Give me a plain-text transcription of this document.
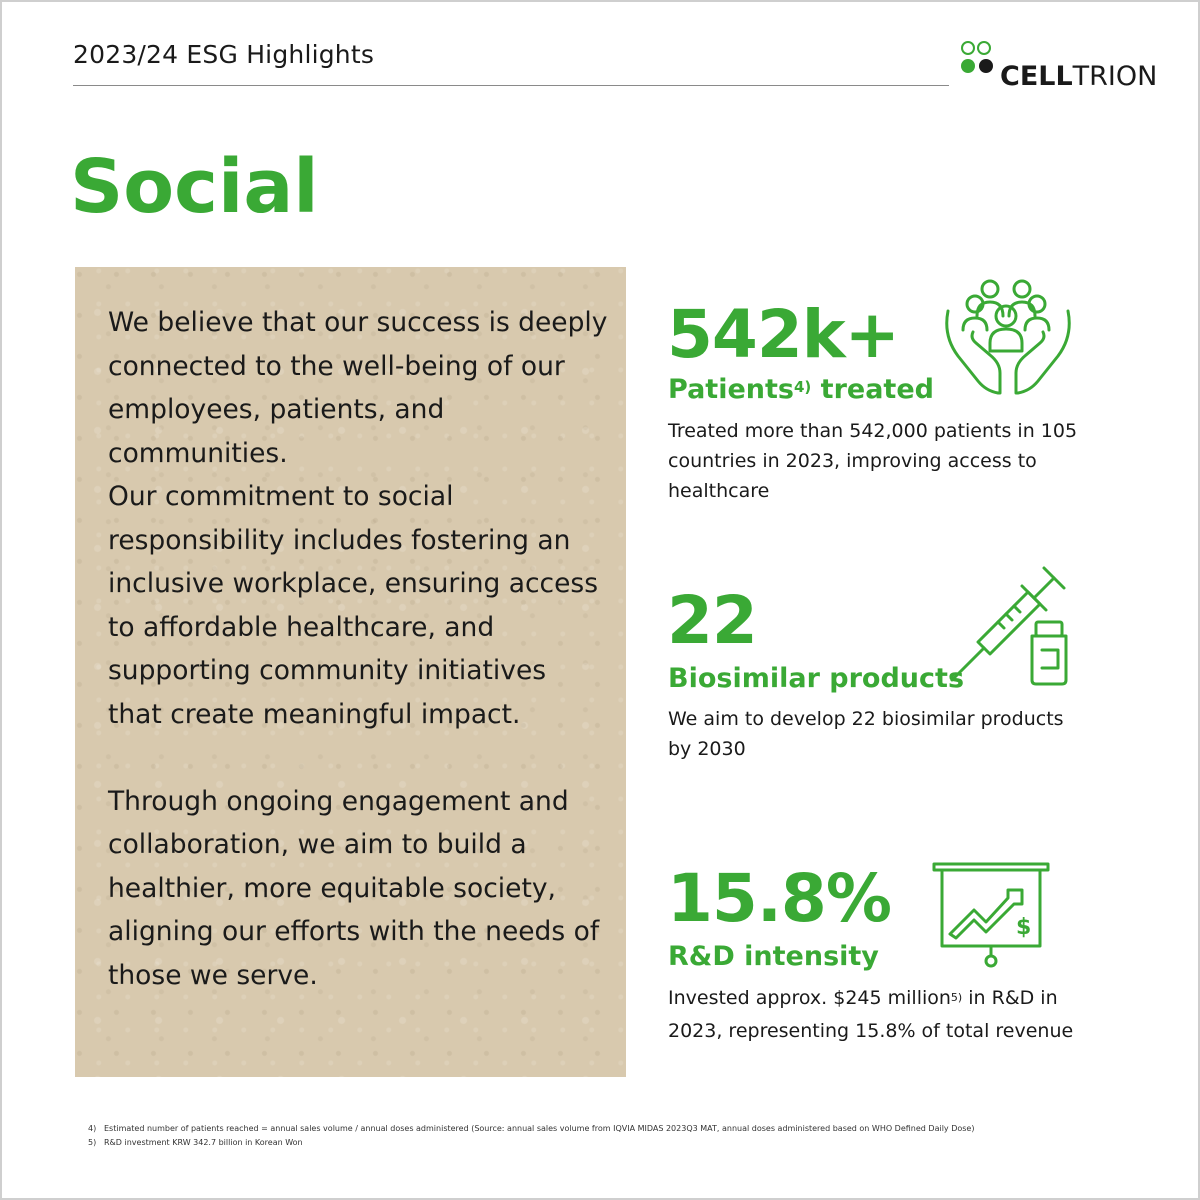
2023/24 ESG Highlights
CELLTRION
Social

We believe that our success is deeply connected to the well-being of our employees, patients, and communities.
Our commitment to social responsibility includes fostering an inclusive workplace, ensuring access to affordable healthcare, and supporting community initiatives that create meaningful impact.

Through ongoing engagement and collaboration, we aim to build a healthier, more equitable society, aligning our efforts with the needs of those we serve.

542k+
Patients$^{4)}$ treated
Treated more than 542,000 patients in 105 countries in 2023, improving access to healthcare
22
Biosimilar products
We aim to develop 22 biosimilar products by 2030
15.8%
R&D intensity
Invested approx. $245 million$^{5)}$ in R&D in 2023, representing 15.8% of total revenue
$
4) Estimated number of patients reached = annual sales volume / annual doses administered (Source: annual sales volume from IQVIA MIDAS 2023Q3 MAT, annual doses administered based on WHO Defined Daily Dose)
5) R&D investment KRW 342.7 billion in Korean Won
